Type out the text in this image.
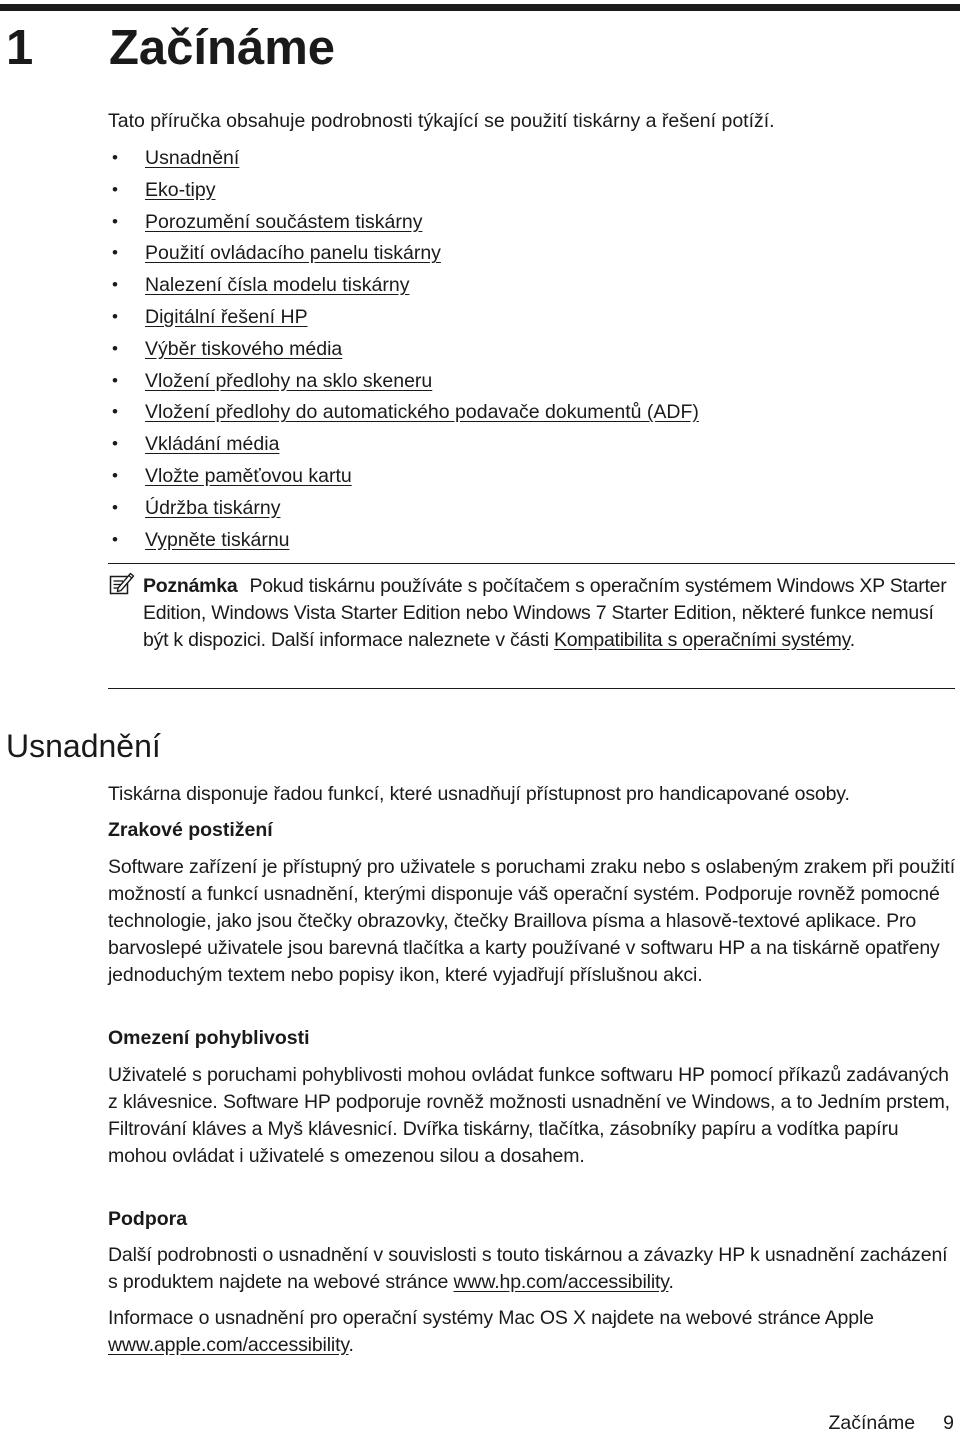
1 Začínáme

Tato příručka obsahuje podrobnosti týkající se použití tiskárny a řešení potíží.

• Usnadnění
• Eko-tipy
• Porozumění součástem tiskárny
• Použití ovládacího panelu tiskárny
• Nalezení čísla modelu tiskárny
• Digitální řešení HP
• Výběr tiskového média
• Vložení předlohy na sklo skeneru
• Vložení předlohy do automatického podavače dokumentů (ADF)
• Vkládání média
• Vložte paměťovou kartu
• Údržba tiskárny
• Vypněte tiskárnu

Poznámka Pokud tiskárnu používáte s počítačem s operačním systémem Windows XP Starter Edition, Windows Vista Starter Edition nebo Windows 7 Starter Edition, některé funkce nemusí být k dispozici. Další informace naleznete v části Kompatibilita s operačními systémy.

Usnadnění

Tiskárna disponuje řadou funkcí, které usnadňují přístupnost pro handicapované osoby.

Zrakové postižení

Software zařízení je přístupný pro uživatele s poruchami zraku nebo s oslabeným zrakem při použití možností a funkcí usnadnění, kterými disponuje váš operační systém. Podporuje rovněž pomocné technologie, jako jsou čtečky obrazovky, čtečky Braillova písma a hlasově-textové aplikace. Pro barvoslepé uživatele jsou barevná tlačítka a karty používané v softwaru HP a na tiskárně opatřeny jednoduchým textem nebo popisy ikon, které vyjadřují příslušnou akci.

Omezení pohyblivosti

Uživatelé s poruchami pohyblivosti mohou ovládat funkce softwaru HP pomocí příkazů zadávaných z klávesnice. Software HP podporuje rovněž možnosti usnadnění ve Windows, a to Jedním prstem, Filtrování kláves a Myš klávesnicí. Dvířka tiskárny, tlačítka, zásobníky papíru a vodítka papíru mohou ovládat i uživatelé s omezenou silou a dosahem.

Podpora

Další podrobnosti o usnadnění v souvislosti s touto tiskárnou a závazky HP k usnadnění zacházení s produktem najdete na webové stránce www.hp.com/accessibility.

Informace o usnadnění pro operační systémy Mac OS X najdete na webové stránce Apple www.apple.com/accessibility.

Začínáme 9
